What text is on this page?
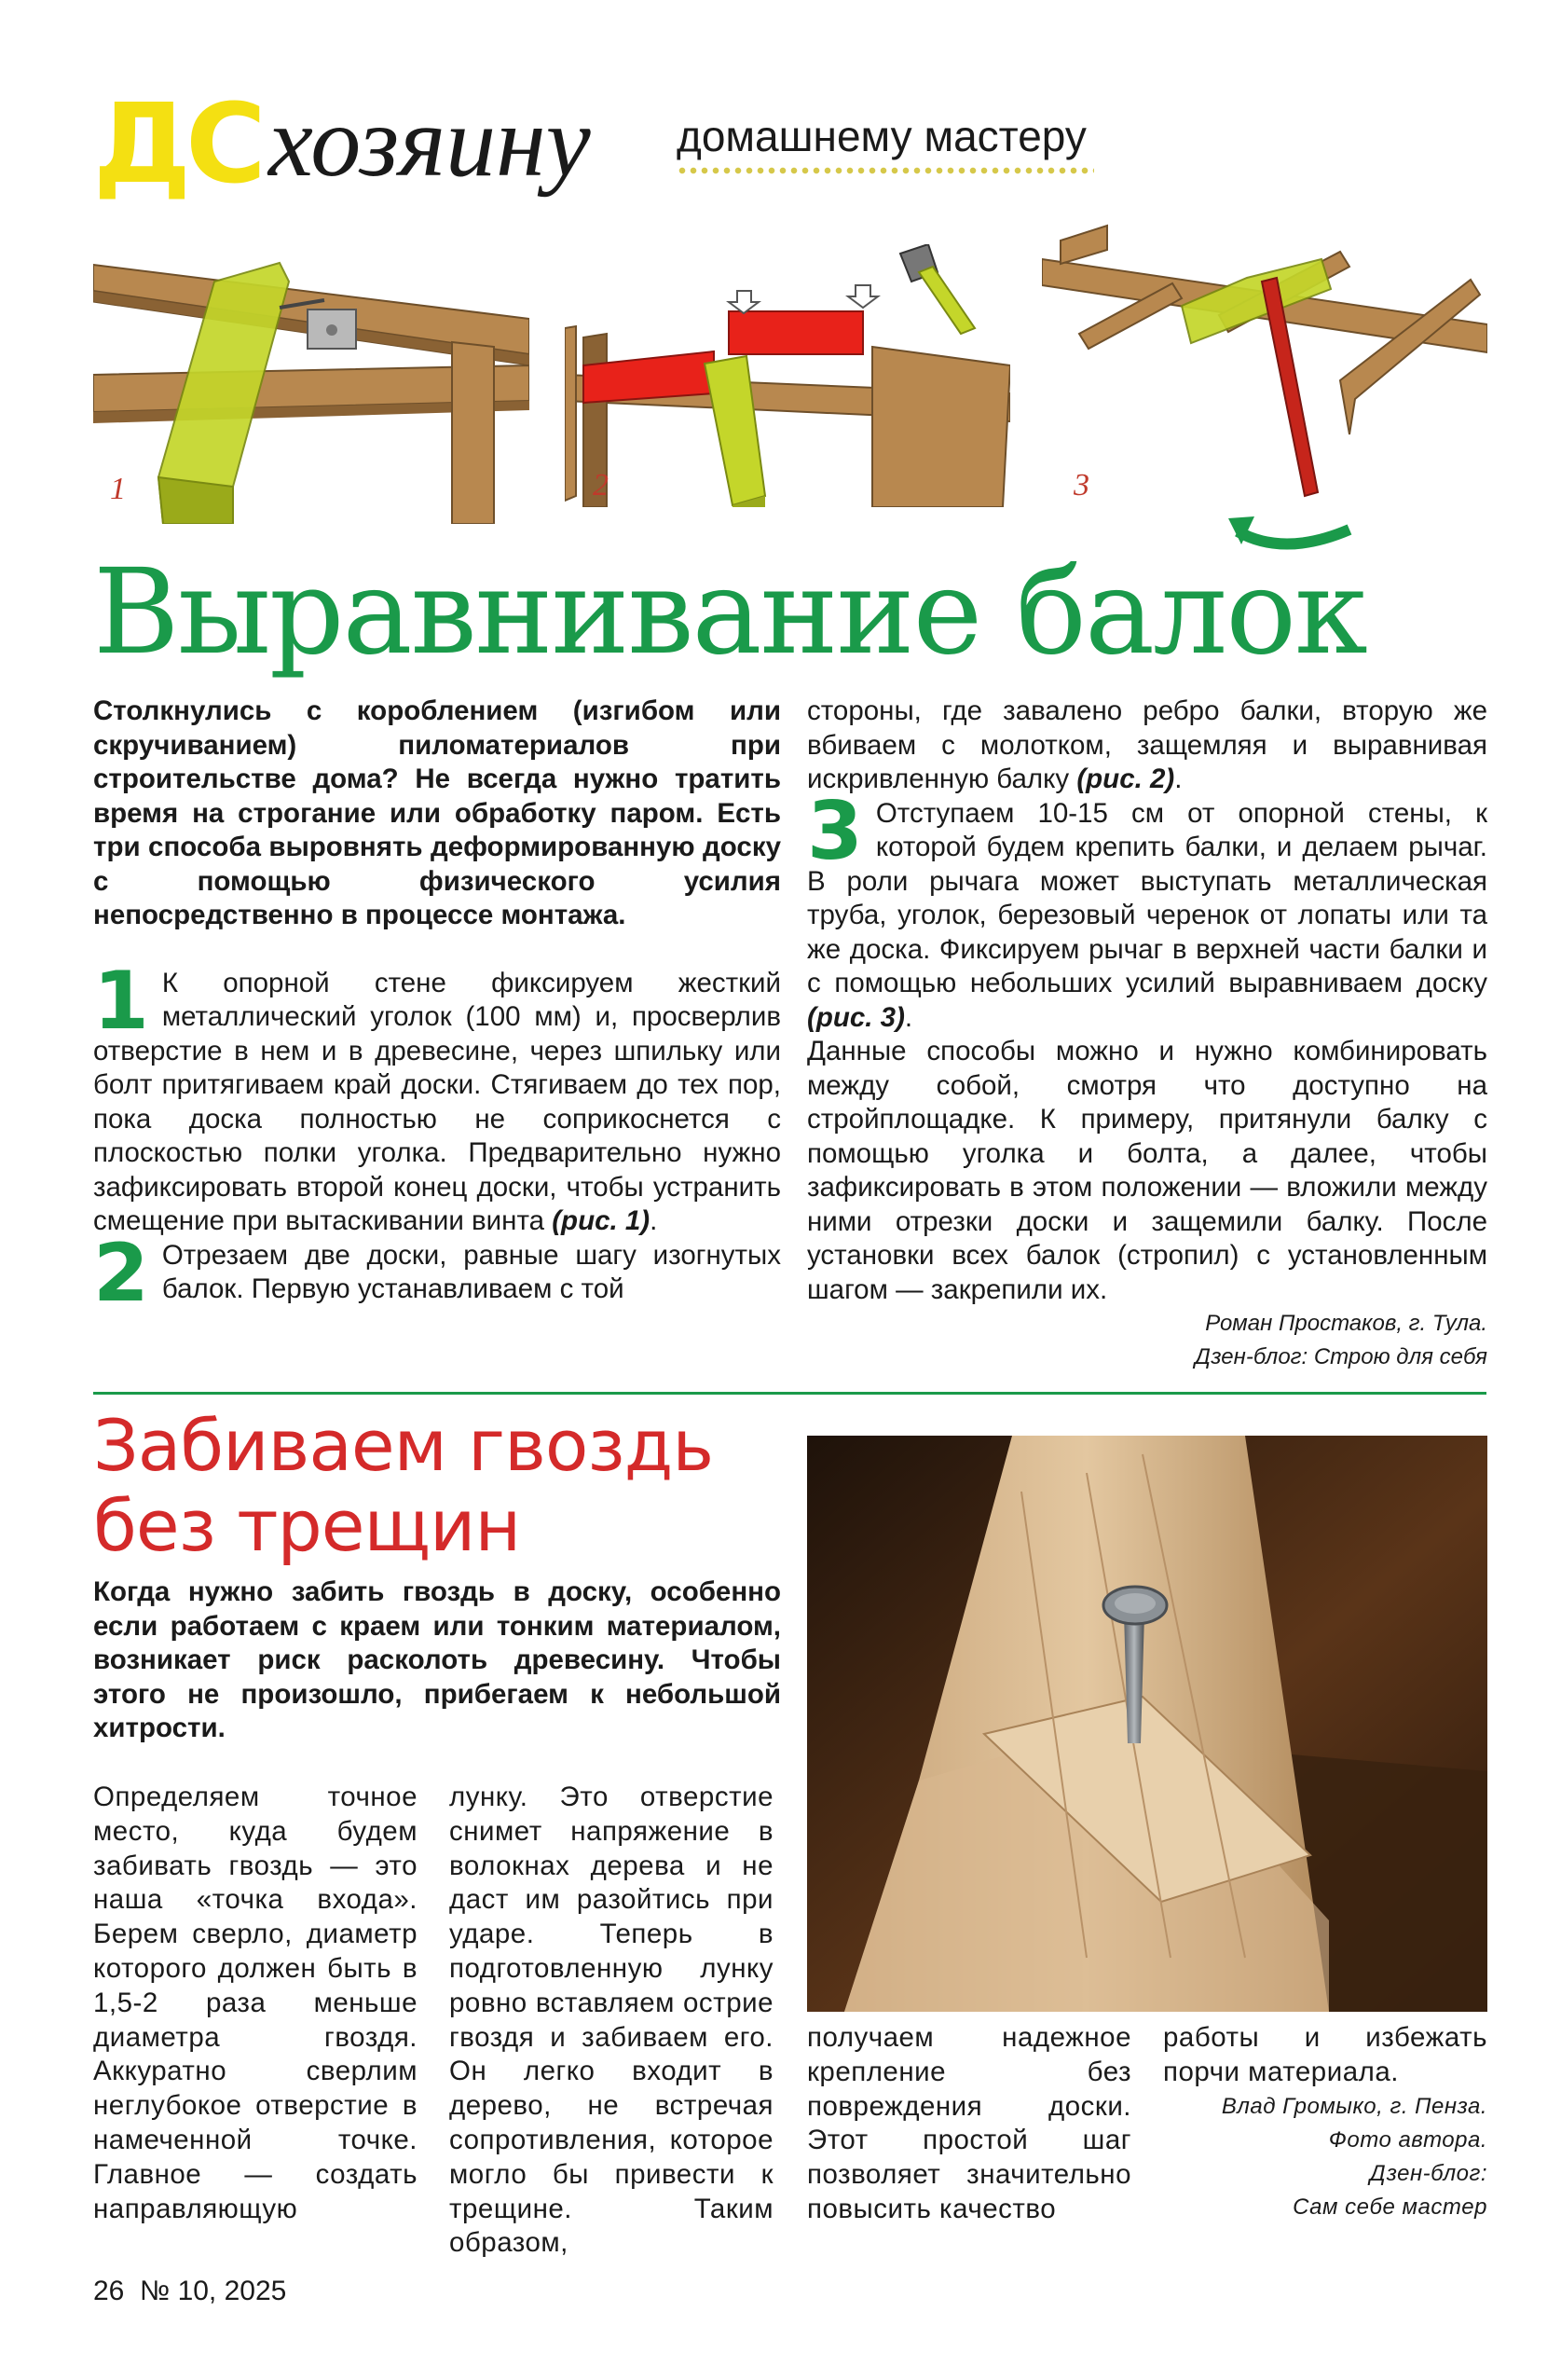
ДС хозяину домашнему мастеру
1	2	3
Выравнивание балок

Столкнулись с короблением (изгибом или скручиванием) пиломатериалов при строительстве дома? Не всегда нужно тратить время на строгание или обработку паром. Есть три способа выровнять деформированную доску с помощью физического усилия непосредственно в процессе монтажа.

1 К опорной стене фиксируем жесткий металлический уголок (100 мм) и, просверлив отверстие в нем и в древесине, через шпильку или болт притягиваем край доски. Стягиваем до тех пор, пока доска полностью не соприкоснется с плоскостью полки уголка. Предварительно нужно зафиксировать второй конец доски, чтобы устранить смещение при вытаскивании винта (рис. 1).

2 Отрезаем две доски, равные шагу изогнутых балок. Первую устанавливаем с той

стороны, где завалено ребро балки, вторую же вбиваем с молотком, защемляя и выравнивая искривленную балку (рис. 2).

3 Отступаем 10-15 см от опорной стены, к которой будем крепить балки, и делаем рычаг. В роли рычага может выступать металлическая труба, уголок, березовый черенок от лопаты или та же доска. Фиксируем рычаг в верхней части балки и с помощью небольших усилий выравниваем доску (рис. 3).

Данные способы можно и нужно комбинировать между собой, смотря что доступно на стройплощадке. К примеру, притянули балку с помощью уголка и болта, а далее, чтобы зафиксировать в этом положении — вложили между ними отрезки доски и защемили балку. После установки всех балок (стропил) с установленным шагом — закрепили их.

Роман Простаков, г. Тула.
Дзен-блог: Строю для себя
Забиваем гвоздь
без трещин
Когда нужно забить гвоздь в доску, особенно если работаем с краем или тонким материалом, возникает риск расколоть древесину. Чтобы этого не произошло, прибегаем к небольшой хитрости.
Определяем точное место, куда будем забивать гвоздь — это наша «точка входа». Берем сверло, диаметр которого должен быть в 1,5-2 раза меньше диаметра гвоздя. Аккуратно сверлим неглубокое отверстие в намеченной точке. Главное — создать направляющую
лунку. Это отверстие снимет напряжение в волокнах дерева и не даст им разойтись при ударе. Теперь в подготовленную лунку ровно вставляем острие гвоздя и забиваем его. Он легко входит в дерево, не встречая сопротивления, которое могло бы привести к трещине. Таким образом,
получаем надежное крепление без повреждения доски. Этот простой шаг позволяет значительно повысить качество

работы и избежать порчи материала.

Влад Громыко, г. Пенза.
Фото автора.
Дзен-блог:
Сам себе мастер
26 № 10, 2025
